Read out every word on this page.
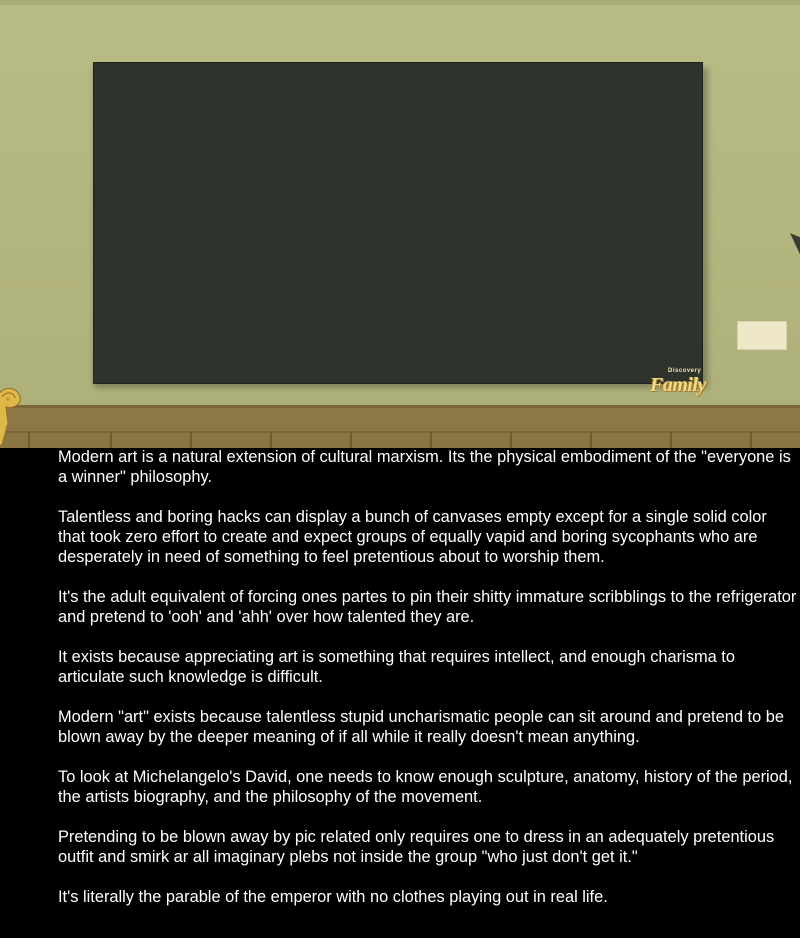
Discovery
Family

Modern art is a natural extension of cultural marxism. Its the physical embodiment of the "everyone is a winner" philosophy.

Talentless and boring hacks can display a bunch of canvases empty except for a single solid color that took zero effort to create and expect groups of equally vapid and boring sycophants who are desperately in need of something to feel pretentious about to worship them.

It's the adult equivalent of forcing ones partes to pin their shitty immature scribblings to the refrigerator and pretend to 'ooh' and 'ahh' over how talented they are.

It exists because appreciating art is something that requires intellect, and enough charisma to articulate such knowledge is difficult.

Modern "art" exists because talentless stupid uncharismatic people can sit around and pretend to be blown away by the deeper meaning of if all while it really doesn't mean anything.

To look at Michelangelo's David, one needs to know enough sculpture, anatomy, history of the period, the artists biography, and the philosophy of the movement.

Pretending to be blown away by pic related only requires one to dress in an adequately pretentious outfit and smirk ar all imaginary plebs not inside the group "who just don't get it."

It's literally the parable of the emperor with no clothes playing out in real life.
